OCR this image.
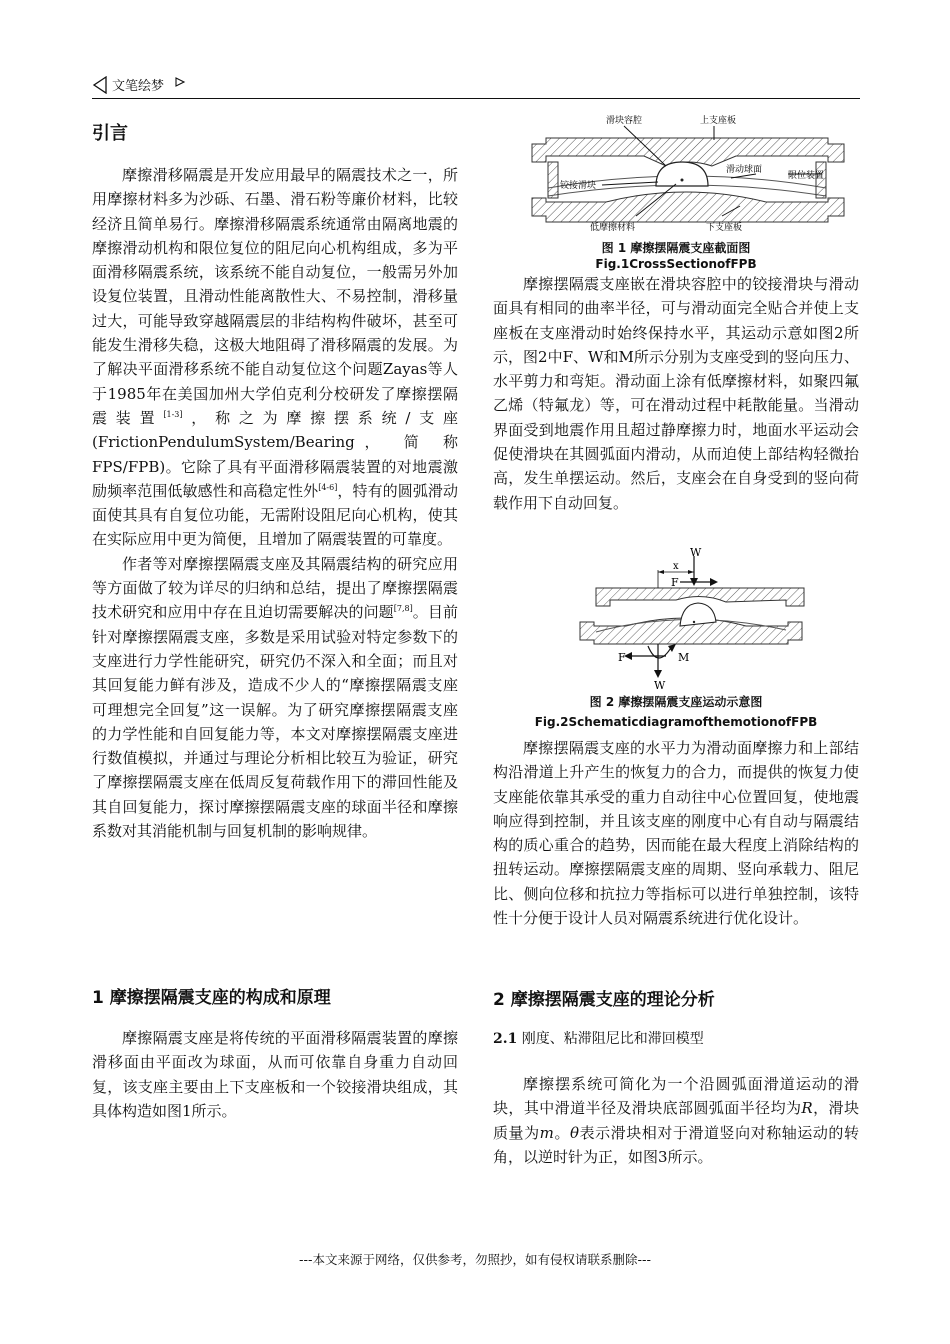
文笔绘梦
引言

摩擦滑移隔震是开发应用最早的隔震技术之一，所用摩擦材料多为沙砾、石墨、滑石粉等廉价材料，比较经济且简单易行。摩擦滑移隔震系统通常由隔离地震的摩擦滑动机构和限位复位的阻尼向心机构组成，多为平面滑移隔震系统，该系统不能自动复位，一般需另外加设复位装置，且滑动性能离散性大、不易控制，滑移量过大，可能导致穿越隔震层的非结构构件破坏，甚至可能发生滑移失稳，这极大地阻碍了滑移隔震的发展。为了解决平面滑移系统不能自动复位这个问题Zayas等人于1985年在美国加州大学伯克利分校研发了摩擦摆隔震装置[1-3]，称之为摩擦摆系统/支座(FrictionPendulumSystem/Bearing， 简 称 FPS/FPB)。它除了具有平面滑移隔震装置的对地震激励频率范围低敏感性和高稳定性外[4-6]，特有的圆弧滑动面使其具有自复位功能，无需附设阻尼向心机构，使其在实际应用中更为简便，且增加了隔震装置的可靠度。

作者等对摩擦摆隔震支座及其隔震结构的研究应用等方面做了较为详尽的归纳和总结，提出了摩擦摆隔震技术研究和应用中存在且迫切需要解决的问题[7,8]。目前针对摩擦摆隔震支座，多数是采用试验对特定参数下的支座进行力学性能研究，研究仍不深入和全面；而且对其回复能力鲜有涉及，造成不少人的“摩擦摆隔震支座可理想完全回复”这一误解。为了研究摩擦摆隔震支座的力学性能和自回复能力等，本文对摩擦摆隔震支座进行数值模拟，并通过与理论分析相比较互为验证，研究了摩擦摆隔震支座在低周反复荷载作用下的滞回性能及其自回复能力，探讨摩擦摆隔震支座的球面半径和摩擦系数对其消能机制与回复机制的影响规律。

1 摩擦摆隔震支座的构成和原理

摩擦隔震支座是将传统的平面滑移隔震装置的摩擦滑移面由平面改为球面，从而可依靠自身重力自动回复，该支座主要由上下支座板和一个铰接滑块组成，其具体构造如图1所示。

滑块容腔	上支座板
滑动球面
限位装置
铰接滑块
低摩擦材料	下支座板
图 1 摩擦摆隔震支座截面图
Fig.1CrossSectionofFPB

摩擦摆隔震支座嵌在滑块容腔中的铰接滑块与滑动面具有相同的曲率半径，可与滑动面完全贴合并使上支座板在支座滑动时始终保持水平，其运动示意如图2所示，图2中F、W和M所示分别为支座受到的竖向压力、水平剪力和弯矩。滑动面上涂有低摩擦材料，如聚四氟乙烯（特氟龙）等，可在滑动过程中耗散能量。当滑动界面受到地震作用且超过静摩擦力时，地面水平运动会促使滑块在其圆弧面内滑动，从而迫使上部结构轻微抬高，发生单摆运动。然后，支座会在自身受到的竖向荷载作用下自动回复。

W
x
F
F	M
W
图 2 摩擦摆隔震支座运动示意图
Fig.2SchematicdiagramofthemotionofFPB

摩擦摆隔震支座的水平力为滑动面摩擦力和上部结构沿滑道上升产生的恢复力的合力，而提供的恢复力使支座能依靠其承受的重力自动往中心位置回复，使地震响应得到控制，并且该支座的刚度中心有自动与隔震结构的质心重合的趋势，因而能在最大程度上消除结构的扭转运动。摩擦摆隔震支座的周期、竖向承载力、阻尼比、侧向位移和抗拉力等指标可以进行单独控制，该特性十分便于设计人员对隔震系统进行优化设计。

2 摩擦摆隔震支座的理论分析
2.1 刚度、粘滞阻尼比和滞回模型

摩擦摆系统可简化为一个沿圆弧面滑道运动的滑块，其中滑道半径及滑块底部圆弧面半径均为R，滑块质量为m。θ表示滑块相对于滑道竖向对称轴运动的转角，以逆时针为正，如图3所示。

---本文来源于网络，仅供参考，勿照抄，如有侵权请联系删除---
